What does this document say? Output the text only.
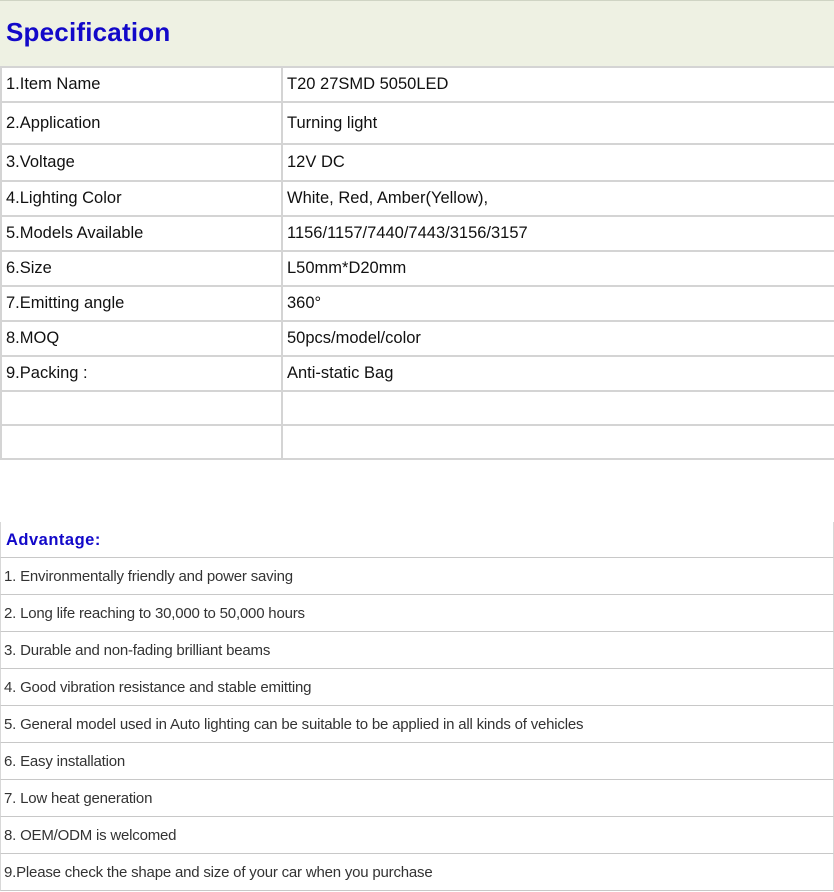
Specification
1.Item Name	T20 27SMD 5050LED
2.Application	Turning light
3.Voltage	12V DC
4.Lighting Color	White, Red, Amber(Yellow),
5.Models Available	1156/1157/7440/7443/3156/3157
6.Size	L50mm*D20mm
7.Emitting angle	360°
8.MOQ	50pcs/model/color
9.Packing :	Anti-static Bag

Advantage:
1. Environmentally friendly and power saving
2. Long life reaching to 30,000 to 50,000 hours
3. Durable and non-fading brilliant beams
4. Good vibration resistance and stable emitting
5. General model used in Auto lighting can be suitable to be applied in all kinds of vehicles
6. Easy installation
7. Low heat generation
8. OEM/ODM is welcomed
9.Please check the shape and size of your car when you purchase
